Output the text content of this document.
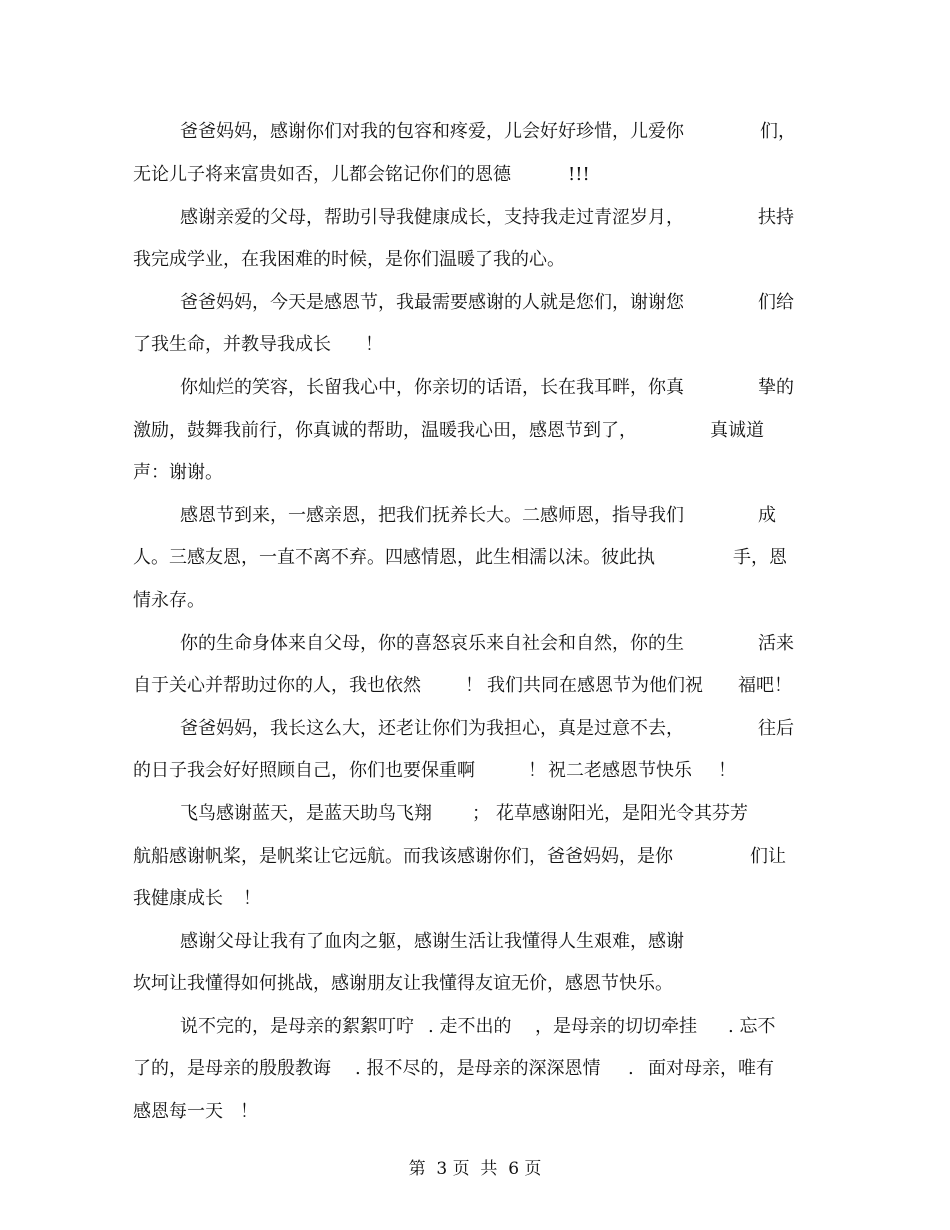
爸爸妈妈，感谢你们对我的包容和疼爱，儿会好好珍惜，儿爱你	们，
无论儿子将来富贵如否，儿都会铭记你们的恩德	!!!
感谢亲爱的父母，帮助引导我健康成长，支持我走过青涩岁月，	扶持
我完成学业，在我困难的时候，是你们温暖了我的心。
爸爸妈妈，今天是感恩节，我最需要感谢的人就是您们，谢谢您	们给
了我生命，并教导我成长 ！
你灿烂的笑容，长留我心中，你亲切的话语，长在我耳畔，你真	挚的
激励，鼓舞我前行，你真诚的帮助，温暖我心田，感恩节到了，	真诚道
声：谢谢。
感恩节到来，一感亲恩，把我们抚养长大。二感师恩，指导我们	成
人。三感友恩，一直不离不弃。四感情恩，此生相濡以沫。彼此执	手，恩
情永存。
你的生命身体来自父母，你的喜怒哀乐来自社会和自然，你的生	活来
自于关心并帮助过你的人，我也依然 ！ 我们共同在感恩节为他们祝 福吧！
爸爸妈妈，我长这么大，还老让你们为我担心，真是过意不去，	往后
的日子我会好好照顾自己，你们也要保重啊	！ 祝二老感恩节快乐 ！
飞鸟感谢蓝天，是蓝天助鸟飞翔 ； 花草感谢阳光，是阳光令其芬芳
航船感谢帆桨，是帆桨让它远航。而我该感谢你们，爸爸妈妈，是你	们让
我健康成长 ！
感谢父母让我有了血肉之躯，感谢生活让我懂得人生艰难，感谢
坎坷让我懂得如何挑战，感谢朋友让我懂得友谊无价，感恩节快乐。
说不完的，是母亲的絮絮叮咛 . 走不出的 ，是母亲的切切牵挂 . 忘不
了的，是母亲的殷殷教诲 . 报不尽的，是母亲的深深恩情 . 面对母亲，唯有
感恩每一天 ！
第  3 页  共  6 页
